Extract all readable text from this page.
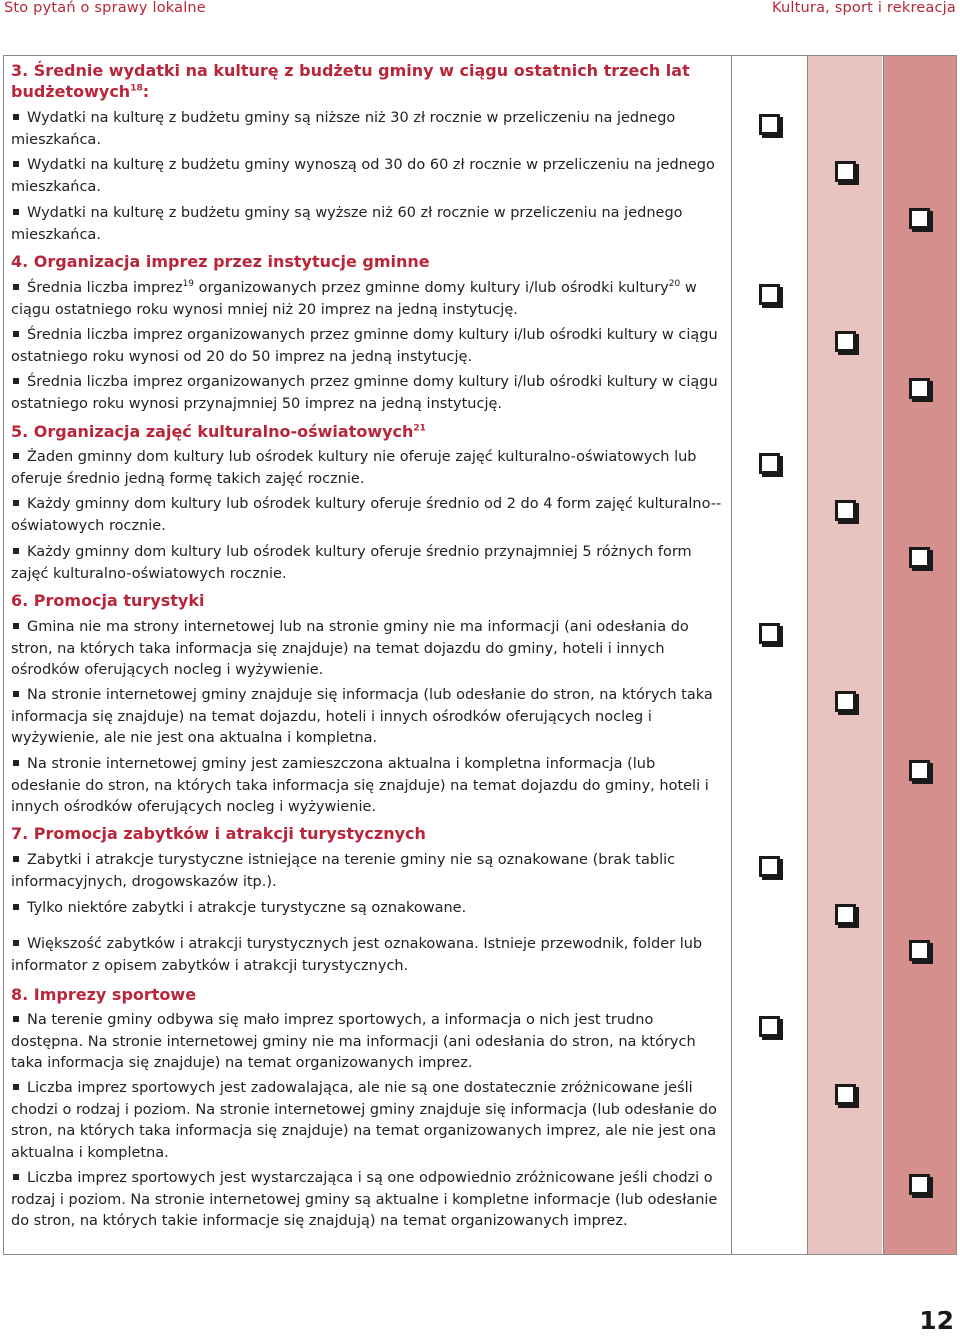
Sto pytań o sprawy lokalne	Kultura, sport i rekreacja
3. Średnie wydatki na kulturę z budżetu gminy w ciągu ostatnich trzech lat budżetowych$^{18}$:
Wydatki na kulturę z budżetu gminy są niższe niż 30 zł rocznie w przeliczeniu na jednego mieszkańca.
Wydatki na kulturę z budżetu gminy wynoszą od 30 do 60 zł rocznie w przeliczeniu na jednego mieszkańca.
Wydatki na kulturę z budżetu gminy są wyższe niż 60 zł rocznie w przeliczeniu na jednego mieszkańca.
4. Organizacja imprez przez instytucje gminne
Średnia liczba imprez$^{19}$ organizowanych przez gminne domy kultury i/lub ośrodki kultury$^{20}$ w ciągu ostatniego roku wynosi mniej niż 20 imprez na jedną instytucję.
Średnia liczba imprez organizowanych przez gminne domy kultury i/lub ośrodki kultury w ciągu ostatniego roku wynosi od 20 do 50 imprez na jedną instytucję.
Średnia liczba imprez organizowanych przez gminne domy kultury i/lub ośrodki kultury w ciągu ostatniego roku wynosi przynajmniej 50 imprez na jedną instytucję.
5. Organizacja zajęć kulturalno-oświatowych$^{21}$
Żaden gminny dom kultury lub ośrodek kultury nie oferuje zajęć kulturalno-oświatowych lub oferuje średnio jedną formę takich zajęć rocznie.
Każdy gminny dom kultury lub ośrodek kultury oferuje średnio od 2 do 4 form zajęć kulturalno--oświatowych rocznie.
Każdy gminny dom kultury lub ośrodek kultury oferuje średnio przynajmniej 5 różnych form zajęć kulturalno-oświatowych rocznie.
6. Promocja turystyki
Gmina nie ma strony internetowej lub na stronie gminy nie ma informacji (ani odesłania do stron, na których taka informacja się znajduje) na temat dojazdu do gminy, hoteli i innych ośrodków oferujących nocleg i wyżywienie.
Na stronie internetowej gminy znajduje się informacja (lub odesłanie do stron, na których taka informacja się znajduje) na temat dojazdu, hoteli i innych ośrodków oferujących nocleg i wyżywienie, ale nie jest ona aktualna i kompletna.
Na stronie internetowej gminy jest zamieszczona aktualna i kompletna informacja (lub odesłanie do stron, na których taka informacja się znajduje) na temat dojazdu do gminy, hoteli i innych ośrodków oferujących nocleg i wyżywienie.
7. Promocja zabytków i atrakcji turystycznych
Zabytki i atrakcje turystyczne istniejące na terenie gminy nie są oznakowane (brak tablic informacyjnych, drogowskazów itp.).
Tylko niektóre zabytki i atrakcje turystyczne są oznakowane.
Większość zabytków i atrakcji turystycznych jest oznakowana. Istnieje przewodnik, folder lub informator z opisem zabytków i atrakcji turystycznych.
8. Imprezy sportowe
Na terenie gminy odbywa się mało imprez sportowych, a informacja o nich jest trudno dostępna. Na stronie internetowej gminy nie ma informacji (ani odesłania do stron, na których taka informacja się znajduje) na temat organizowanych imprez.
Liczba imprez sportowych jest zadowalająca, ale nie są one dostatecznie zróżnicowane jeśli chodzi o rodzaj i poziom. Na stronie internetowej gminy znajduje się informacja (lub odesłanie do stron, na których taka informacja się znajduje) na temat organizowanych imprez, ale nie jest ona aktualna i kompletna.
Liczba imprez sportowych jest wystarczająca i są one odpowiednio zróżnicowane jeśli chodzi o rodzaj i poziom. Na stronie internetowej gminy są aktualne i kompletne informacje (lub odesłanie do stron, na których takie informacje się znajdują) na temat organizowanych imprez.
12
